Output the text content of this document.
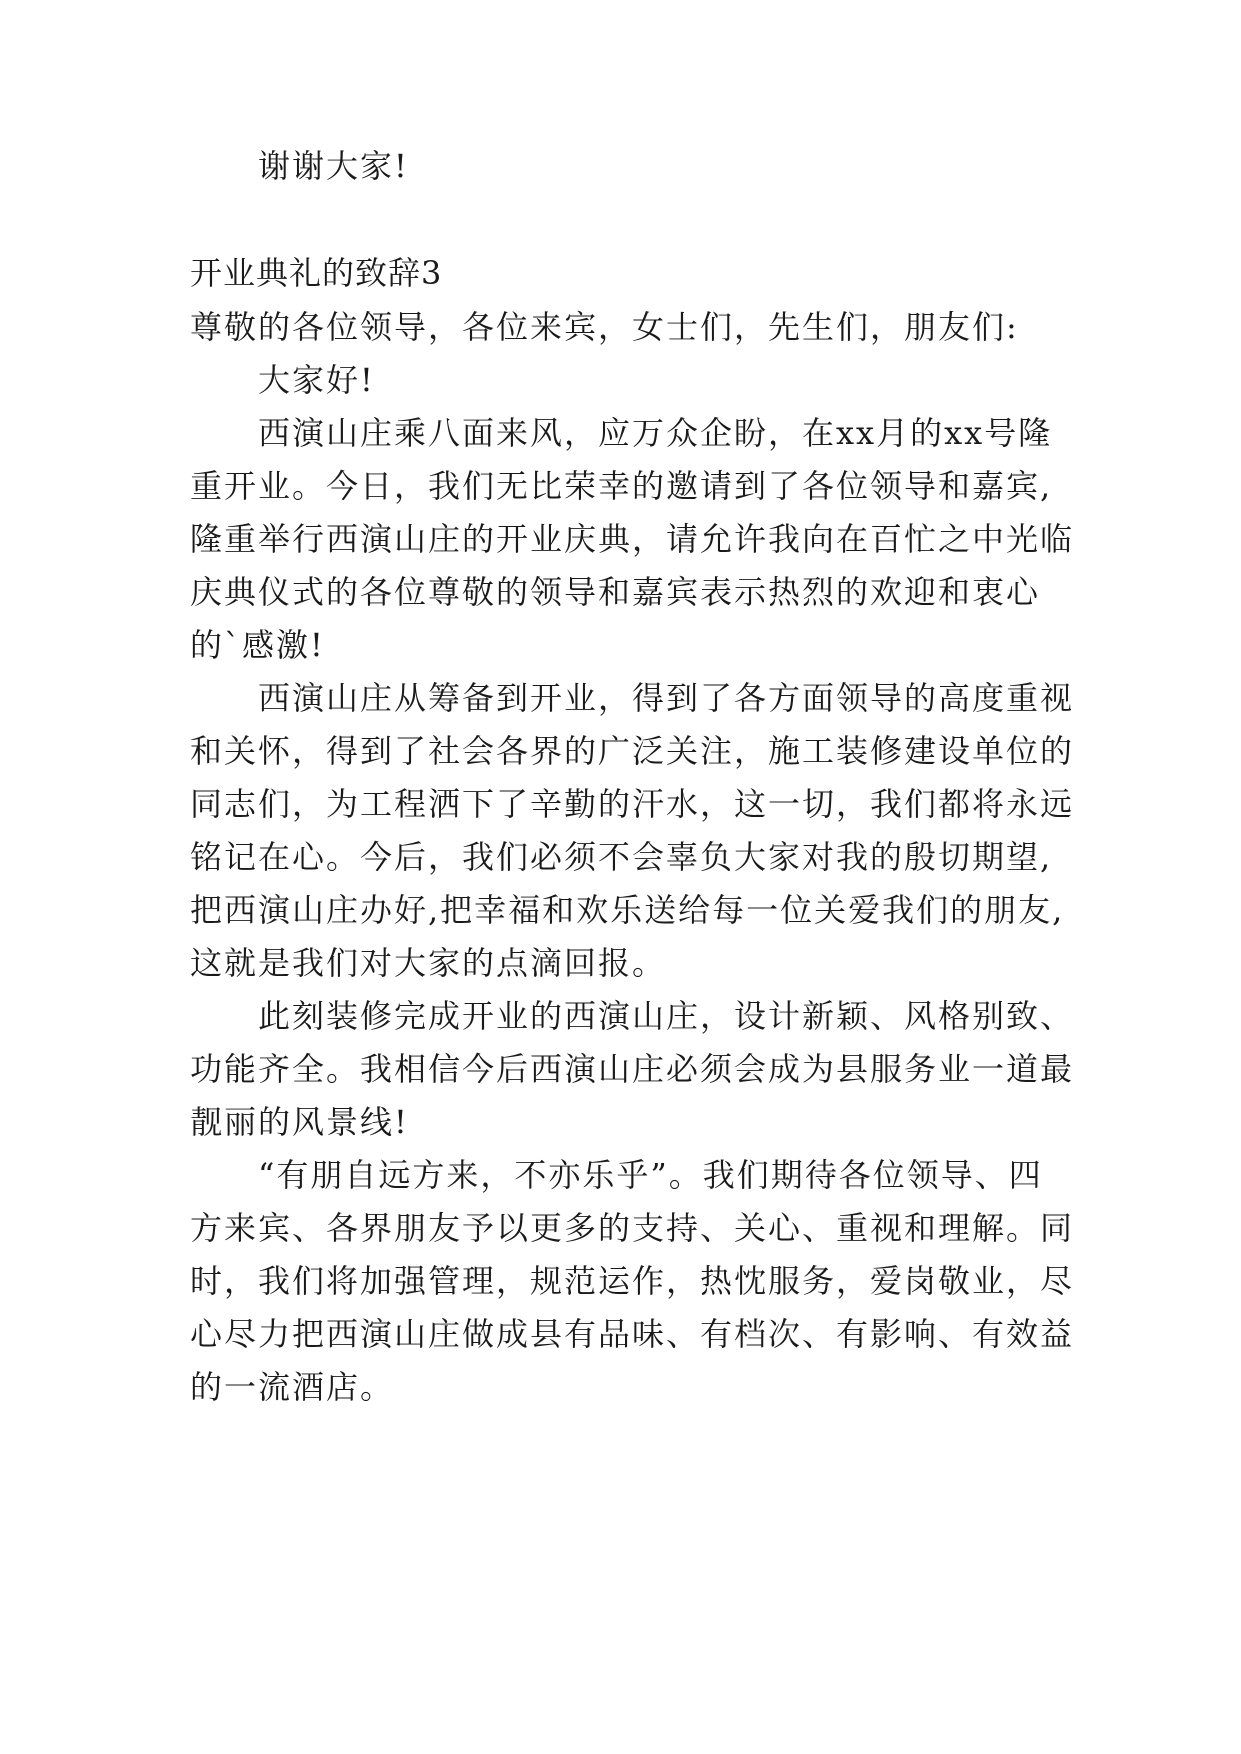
谢谢大家!
开业典礼的致辞3
尊敬的各位领导，各位来宾，女士们，先生们，朋友们:
大家好!
西演山庄乘八面来风，应万众企盼，在xx月的xx号隆
重开业。今日，我们无比荣幸的邀请到了各位领导和嘉宾,
隆重举行西演山庄的开业庆典，请允许我向在百忙之中光临
庆典仪式的各位尊敬的领导和嘉宾表示热烈的欢迎和衷心
的`感激!
西演山庄从筹备到开业，得到了各方面领导的高度重视
和关怀，得到了社会各界的广泛关注，施工装修建设单位的
同志们，为工程洒下了辛勤的汗水，这一切，我们都将永远
铭记在心。今后，我们必须不会辜负大家对我的殷切期望,
把西演山庄办好,把幸福和欢乐送给每一位关爱我们的朋友,
这就是我们对大家的点滴回报。
此刻装修完成开业的西演山庄，设计新颖、风格别致、
功能齐全。我相信今后西演山庄必须会成为县服务业一道最
靓丽的风景线!
“有朋自远方来，不亦乐乎”。我们期待各位领导、四
方来宾、各界朋友予以更多的支持、关心、重视和理解。同
时，我们将加强管理，规范运作，热忱服务，爱岗敬业，尽
心尽力把西演山庄做成县有品味、有档次、有影响、有效益
的一流酒店。
